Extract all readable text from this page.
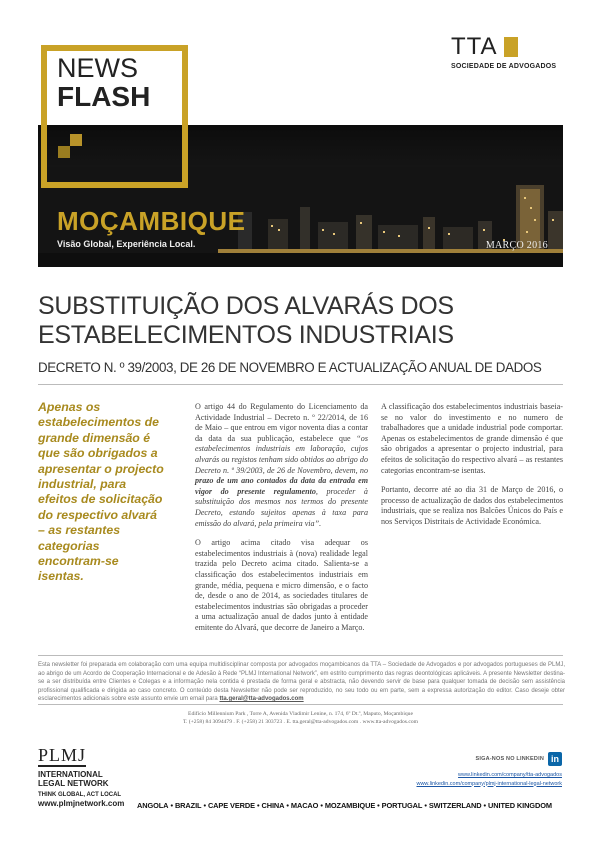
NEWS
FLASH
TTA
SOCIEDADE DE ADVOGADOS
MOÇAMBIQUE
Visão Global, Experiência Local.	MARÇO 2016
SUBSTITUIÇÃO DOS ALVARÁS DOS
ESTABELECIMENTOS INDUSTRIAIS
DECRETO N. º 39/2003, DE 26 DE NOVEMBRO E ACTUALIZAÇÃO ANUAL DE DADOS
Apenas os estabelecimentos de grande dimensão é que são obrigados a apresentar o projecto industrial, para efeitos de solicitação do respectivo alvará – as restantes categorias encontram-se isentas.

O artigo 44 do Regulamento do Licenciamento da Actividade Industrial – Decreto n. º 22/2014, de 16 de Maio – que entrou em vigor noventa dias a contar da data da sua publicação, estabelece que “os estabelecimentos industriais em laboração, cujos alvarás ou registos tenham sido obtidos ao abrigo do Decreto n. º 39/2003, de 26 de Novembro, devem, no prazo de um ano contados da data da entrada em vigor do presente regulamento, proceder à substituição dos mesmos nos termos do presente Decreto, estando sujeitos apenas à taxa para emissão do alvará, pela primeira via”.

O artigo acima citado visa adequar os estabelecimentos industriais à (nova) realidade legal trazida pelo Decreto acima citado. Salienta-se a classificação dos estabelecimentos industriais em grande, média, pequena e micro dimensão, e o facto de, desde o ano de 2014, as sociedades titulares de estabelecimentos industrias são obrigadas a proceder a uma actualização anual de dados junto à entidade emitente do Alvará, que decorre de Janeiro a Março.

A classificação dos estabelecimentos industriais baseia-se no valor do investimento e no numero de trabalhadores que a unidade industrial pode comportar. Apenas os estabelecimentos de grande dimensão é que são obrigados a apresentar o projecto industrial, para efeitos de solicitação do respectivo alvará – as restantes categorias encontram-se isentas.

Portanto, decorre até ao dia 31 de Março de 2016, o processo de actualização de dados dos estabelecimentos industriais, que se realiza nos Balcões Únicos do País e nos Serviços Distritais de Actividade Económica.

Esta newsletter foi preparada em colaboração com uma equipa multidisciplinar composta por advogados moçambicanos da TTA – Sociedade de Advogados e por advogados portugueses de PLMJ, ao abrigo de um Acordo de Cooperação Internacional e de Adesão à Rede “PLMJ International Network”, em estrito cumprimento das regras deontológicas aplicáveis. A presente Newsletter destina-se a ser distribuída entre Clientes e Colegas e a informação nela contida é prestada de forma geral e abstracta, não devendo servir de base para qualquer tomada de decisão sem assistência profissional qualificada e dirigida ao caso concreto. O conteúdo desta Newsletter não pode ser reproduzido, no seu todo ou em parte, sem a expressa autorização do editor. Caso deseje obter esclarecimentos adicionais sobre este assunto envie um email para tta.geral@tta-advogados.com
Edifício Millennium Park , Torre A, Avenida Vladimir Lenine, n. 174, 6º Dt.º, Maputo, Moçambique
T. (+258) 84 3094479 . F. (+258) 21 303723 . E. tta.geral@tta-advogados.com . www.tta-advogados.com
PLMJ
INTERNATIONAL
LEGAL NETWORK
THINK GLOBAL, ACT LOCAL
www.plmjnetwork.com
SIGA-NOS NO LINKEDIN in
www.linkedin.com/company/tta-advogados
www.linkedin.com/company/plmj-international-legal-network
ANGOLA • BRAZIL • CAPE VERDE • CHINA • MACAO • MOZAMBIQUE • PORTUGAL • SWITZERLAND • UNITED KINGDOM
